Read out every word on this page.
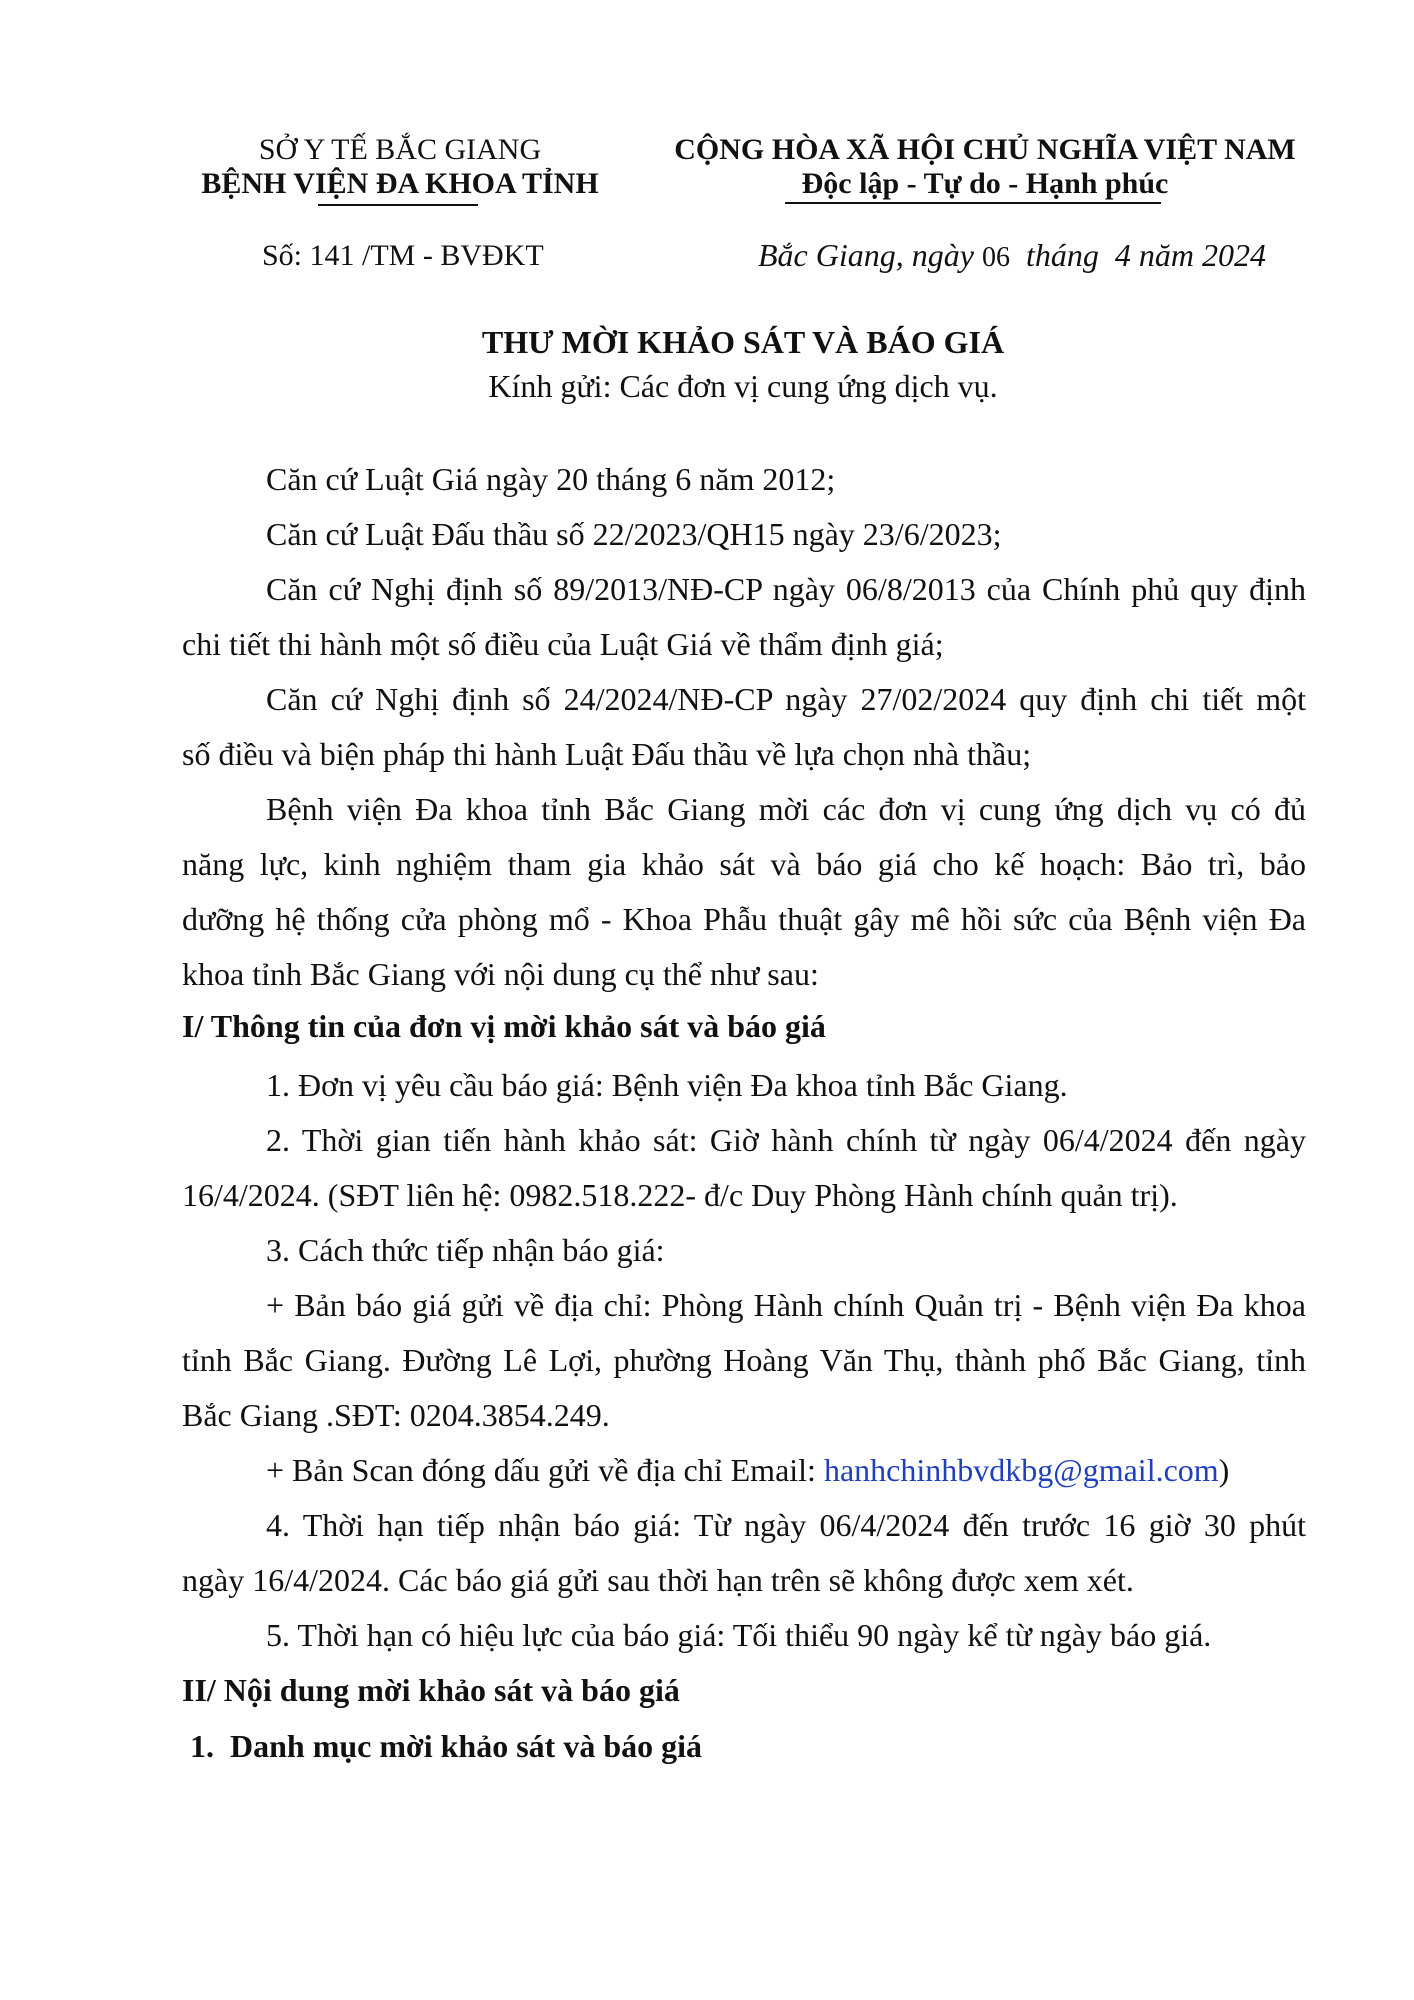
SỞ Y TẾ BẮC GIANG
BỆNH VIỆN ĐA KHOA TỈNH
CỘNG HÒA XÃ HỘI CHỦ NGHĨA VIỆT NAM
Độc lập - Tự do - Hạnh phúc
Số: 141 /TM - BVĐKT	Bắc Giang, ngày 06  tháng  4 năm 2024
THƯ MỜI KHẢO SÁT VÀ BÁO GIÁ
Kính gửi: Các đơn vị cung ứng dịch vụ.
Căn cứ Luật Giá ngày 20 tháng 6 năm 2012;
Căn cứ Luật Đấu thầu số 22/2023/QH15 ngày 23/6/2023;
Căn cứ Nghị định số 89/2013/NĐ-CP ngày 06/8/2013 của Chính phủ quy định
chi tiết thi hành một số điều của Luật Giá về thẩm định giá;
Căn cứ Nghị định số 24/2024/NĐ-CP ngày 27/02/2024 quy định chi tiết một
số điều và biện pháp thi hành Luật Đấu thầu về lựa chọn nhà thầu;
Bệnh viện Đa khoa tỉnh Bắc Giang mời các đơn vị cung ứng dịch vụ có đủ
năng lực, kinh nghiệm tham gia khảo sát và báo giá cho kế hoạch: Bảo trì, bảo
dưỡng hệ thống cửa phòng mổ - Khoa Phẫu thuật gây mê hồi sức của Bệnh viện Đa
khoa tỉnh Bắc Giang với nội dung cụ thể như sau:
I/ Thông tin của đơn vị mời khảo sát và báo giá
1. Đơn vị yêu cầu báo giá: Bệnh viện Đa khoa tỉnh Bắc Giang.
2. Thời gian tiến hành khảo sát: Giờ hành chính từ ngày 06/4/2024 đến ngày
16/4/2024. (SĐT liên hệ: 0982.518.222- đ/c Duy Phòng Hành chính quản trị).
3. Cách thức tiếp nhận báo giá:
+ Bản báo giá gửi về địa chỉ: Phòng Hành chính Quản trị - Bệnh viện Đa khoa
tỉnh Bắc Giang. Đường Lê Lợi, phường Hoàng Văn Thụ, thành phố Bắc Giang, tỉnh
Bắc Giang .SĐT: 0204.3854.249.
+ Bản Scan đóng dấu gửi về địa chỉ Email: hanhchinhbvdkbg@gmail.com)
4. Thời hạn tiếp nhận báo giá: Từ ngày 06/4/2024 đến trước 16 giờ 30 phút
ngày 16/4/2024. Các báo giá gửi sau thời hạn trên sẽ không được xem xét.
5. Thời hạn có hiệu lực của báo giá: Tối thiểu 90 ngày kể từ ngày báo giá.
II/ Nội dung mời khảo sát và báo giá
1.  Danh mục mời khảo sát và báo giá
